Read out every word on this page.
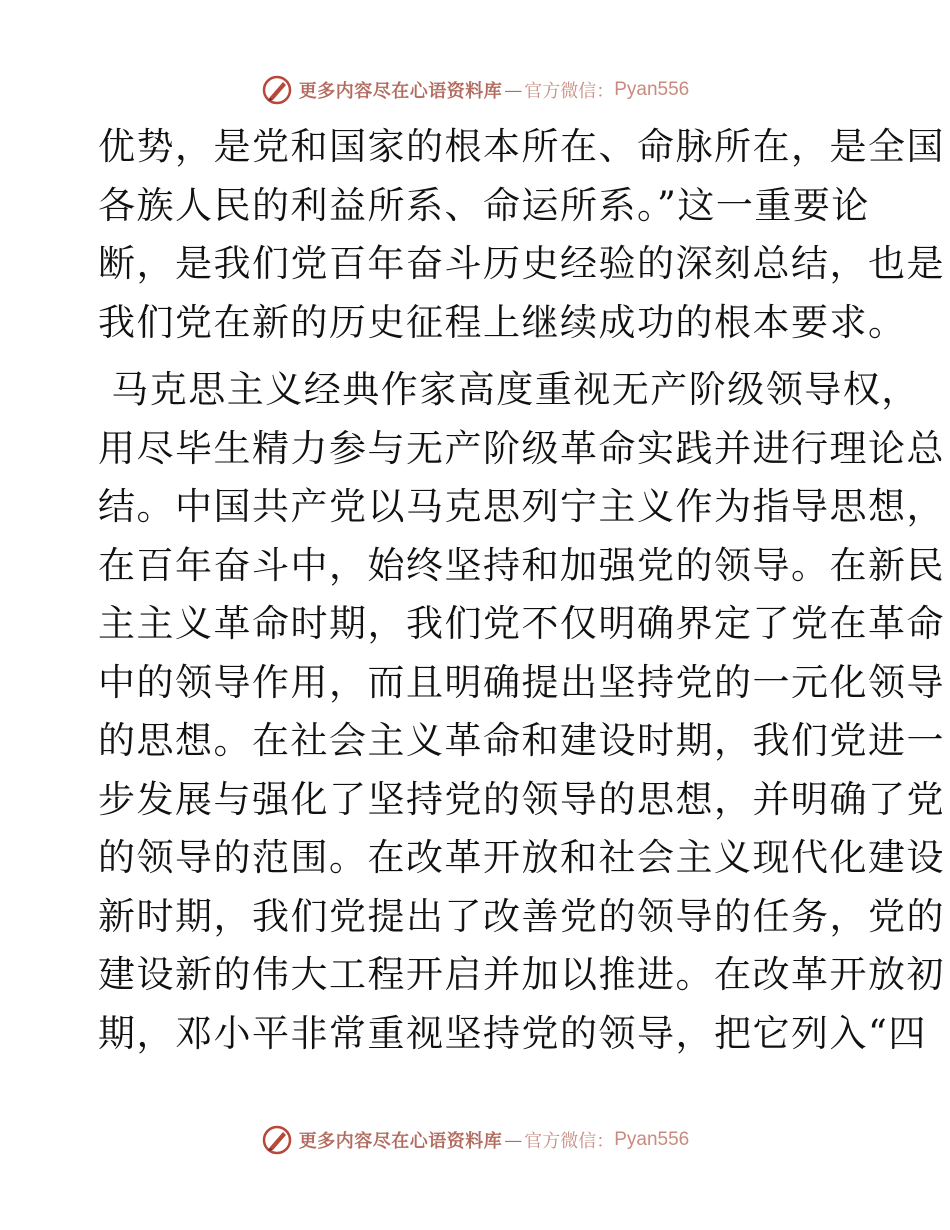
更多内容尽在心语资料库 — 官方微信： Pyan556
优势，是党和国家的根本所在、命脉所在，是全国
各族人民的利益所系、命运所系。”这一重要论
断，是我们党百年奋斗历史经验的深刻总结，也是
我们党在新的历史征程上继续成功的根本要求。
马克思主义经典作家高度重视无产阶级领导权，
用尽毕生精力参与无产阶级革命实践并进行理论总
结。中国共产党以马克思列宁主义作为指导思想，
在百年奋斗中，始终坚持和加强党的领导。在新民
主主义革命时期，我们党不仅明确界定了党在革命
中的领导作用，而且明确提出坚持党的一元化领导
的思想。在社会主义革命和建设时期，我们党进一
步发展与强化了坚持党的领导的思想，并明确了党
的领导的范围。在改革开放和社会主义现代化建设
新时期，我们党提出了改善党的领导的任务，党的
建设新的伟大工程开启并加以推进。在改革开放初
期，邓小平非常重视坚持党的领导，把它列入“四
更多内容尽在心语资料库 — 官方微信： Pyan556
